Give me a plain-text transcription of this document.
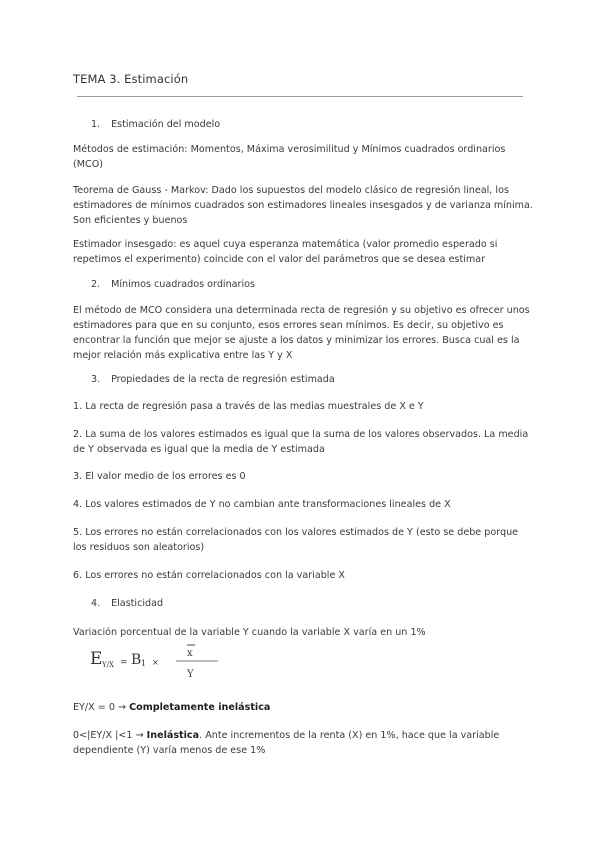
TEMA 3. Estimación
1. Estimación del modelo

Métodos de estimación: Momentos, Máxima verosimilitud y Mínimos cuadrados ordinarios (MCO)

Teorema de Gauss - Markov: Dado los supuestos del modelo clásico de regresión lineal, los estimadores de mínimos cuadrados son estimadores lineales insesgados y de varianza mínima. Son eficientes y buenos

Estimador insesgado: es aquel cuya esperanza matemática (valor promedio esperado si repetimos el experimento) coincide con el valor del parámetros que se desea estimar

2. Mínimos cuadrados ordinarios

El método de MCO considera una determinada recta de regresión y su objetivo es ofrecer unos estimadores para que en su conjunto, esos errores sean mínimos. Es decir, su objetivo es encontrar la función que mejor se ajuste a los datos y minimizar los errores. Busca cual es la mejor relación más explicativa entre las Y y X

3. Propiedades de la recta de regresión estimada

1. La recta de regresión pasa a través de las medias muestrales de X e Y

2. La suma de los valores estimados es igual que la suma de los valores observados. La media de Y observada es igual que la media de Y estimada

3. El valor medio de los errores es 0

4. Los valores estimados de Y no cambian ante transformaciones lineales de X

5. Los errores no están correlacionados con los valores estimados de Y (esto se debe porque los residuos son aleatorios)

6. Los errores no están correlacionados con la variable X

4. Elasticidad

Variación porcentual de la variable Y cuando la variable X varía en un 1%

E Y/X = B 1 ×
x
Y

EY/X = 0 → Completamente inelástica

0<|EY/X |<1 → Inelástica. Ante incrementos de la renta (X) en 1%, hace que la variable dependiente (Y) varía menos de ese 1%
